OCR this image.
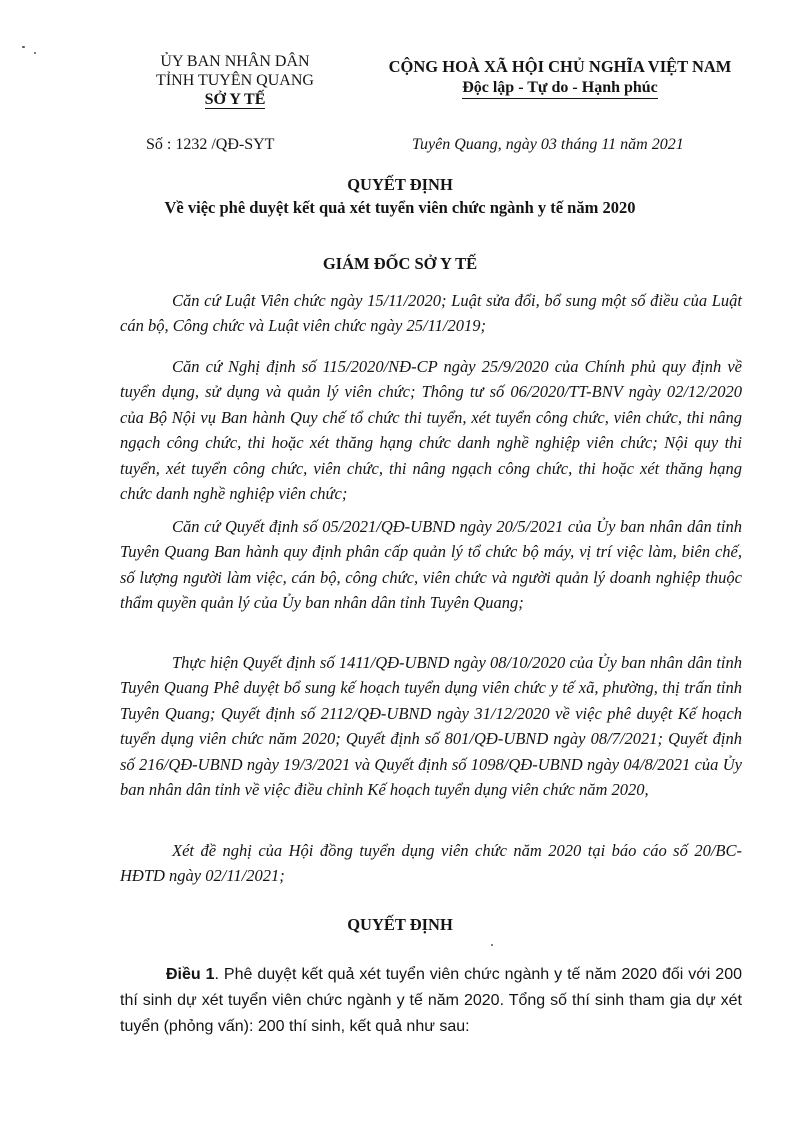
ỦY BAN NHÂN DÂN
TỈNH TUYÊN QUANG
SỞ Y TẾ
CỘNG HOÀ XÃ HỘI CHỦ NGHĨA VIỆT NAM
Độc lập - Tự do - Hạnh phúc
Số : 1232 /QĐ-SYT	Tuyên Quang, ngày 03 tháng 11 năm 2021
QUYẾT ĐỊNH
Về việc phê duyệt kết quả xét tuyển viên chức ngành y tế năm 2020
GIÁM ĐỐC SỞ Y TẾ

Căn cứ Luật Viên chức ngày 15/11/2020; Luật sửa đổi, bổ sung một số điều của Luật cán bộ, Công chức và Luật viên chức ngày 25/11/2019;

Căn cứ Nghị định số 115/2020/NĐ-CP ngày 25/9/2020 của Chính phủ quy định về tuyển dụng, sử dụng và quản lý viên chức; Thông tư số 06/2020/TT-BNV ngày 02/12/2020 của Bộ Nội vụ Ban hành Quy chế tổ chức thi tuyển, xét tuyển công chức, viên chức, thi nâng ngạch công chức, thi hoặc xét thăng hạng chức danh nghề nghiệp viên chức; Nội quy thi tuyển, xét tuyển công chức, viên chức, thi nâng ngạch công chức, thi hoặc xét thăng hạng chức danh nghề nghiệp viên chức;

Căn cứ Quyết định số 05/2021/QĐ-UBND ngày 20/5/2021 của Ủy ban nhân dân tỉnh Tuyên Quang Ban hành quy định phân cấp quản lý tổ chức bộ máy, vị trí việc làm, biên chế, số lượng người làm việc, cán bộ, công chức, viên chức và người quản lý doanh nghiệp thuộc thẩm quyền quản lý của Ủy ban nhân dân tỉnh Tuyên Quang;

Thực hiện Quyết định số 1411/QĐ-UBND ngày 08/10/2020 của Ủy ban nhân dân tỉnh Tuyên Quang Phê duyệt bổ sung kế hoạch tuyển dụng viên chức y tế xã, phường, thị trấn tỉnh Tuyên Quang; Quyết định số 2112/QĐ-UBND ngày 31/12/2020 về việc phê duyệt Kế hoạch tuyển dụng viên chức năm 2020; Quyết định số 801/QĐ-UBND ngày 08/7/2021; Quyết định số 216/QĐ-UBND ngày 19/3/2021 và Quyết định số 1098/QĐ-UBND ngày 04/8/2021 của Ủy ban nhân dân tỉnh về việc điều chỉnh Kế hoạch tuyển dụng viên chức năm 2020,

Xét đề nghị của Hội đồng tuyển dụng viên chức năm 2020 tại báo cáo số 20/BC-HĐTD ngày 02/11/2021;

QUYẾT ĐỊNH

Điều 1. Phê duyệt kết quả xét tuyển viên chức ngành y tế năm 2020 đối với 200 thí sinh dự xét tuyển viên chức ngành y tế năm 2020. Tổng số thí sinh tham gia dự xét tuyển (phỏng vấn): 200 thí sinh, kết quả như sau:
